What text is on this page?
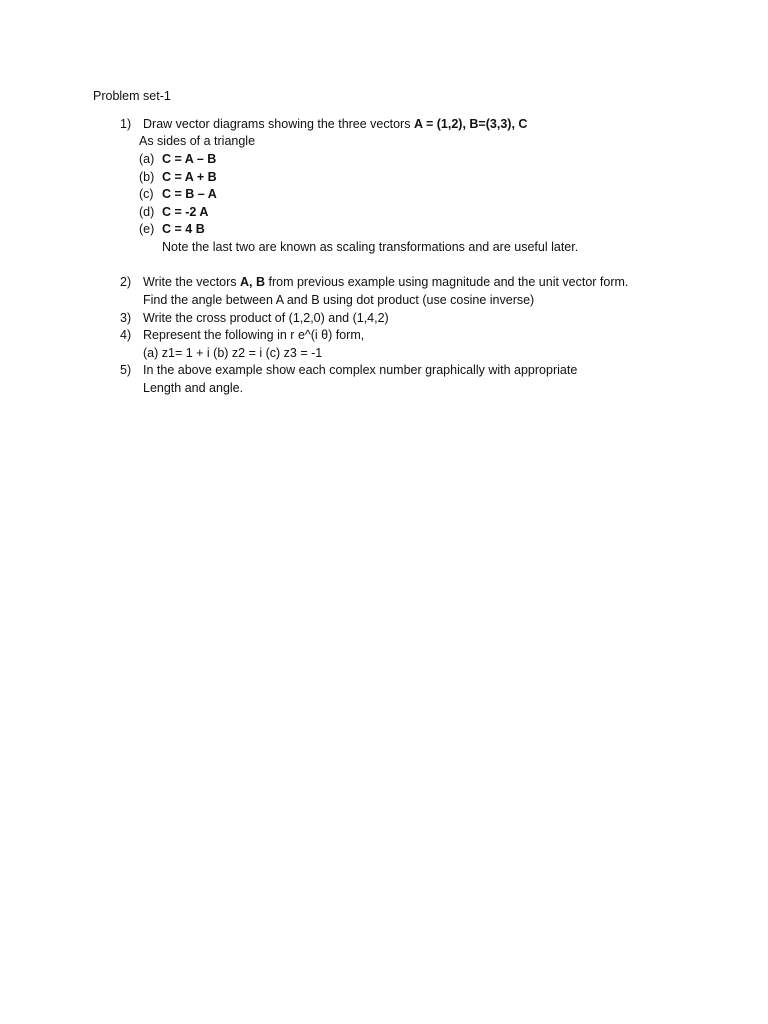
Problem set-1
1) Draw vector diagrams showing the three vectors A = (1,2), B=(3,3), C
As sides of a triangle
(a) C = A – B
(b) C = A + B
(c) C = B – A
(d) C = -2 A
(e) C = 4 B
Note the last two are known as scaling transformations and are useful later.
2) Write the vectors A, B from previous example using magnitude and the unit vector form.
Find the angle between A and B using dot product (use cosine inverse)
3) Write the cross product of (1,2,0) and (1,4,2)
4) Represent the following in r e^(i θ) form,
(a) z1= 1 + i (b) z2 = i (c) z3 = -1
5) In the above example show each complex number graphically with appropriate
Length and angle.
